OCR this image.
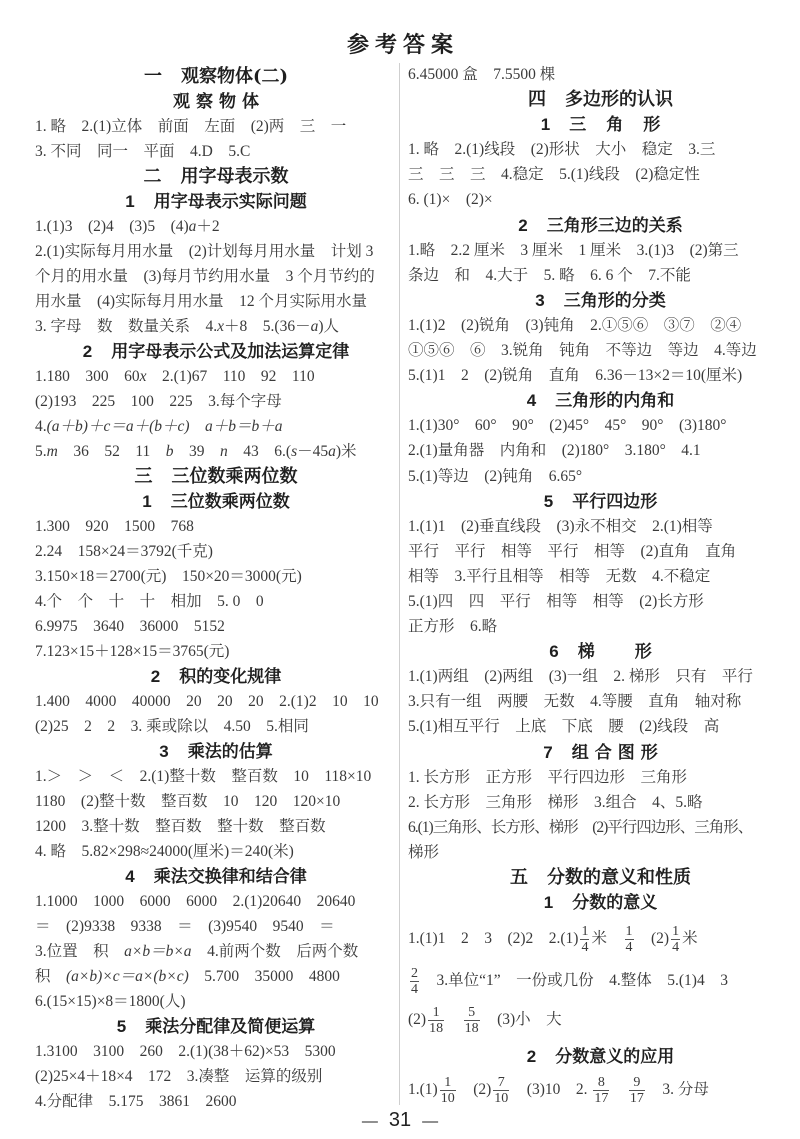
参考答案
一 观察物体(二)
观察物体
1. 略　2.(1)立体　前面　左面　(2)两　三　一
3. 不同　同一　平面　4.D　5.C
二 用字母表示数
1 用字母表示实际问题
1.(1)3　(2)4　(3)5　(4)a＋2
2.(1)实际每月用水量　(2)计划每月用水量　计划 3
个月的用水量　(3)每月节约用水量　3 个月节约的
用水量　(4)实际每月用水量　12 个月实际用水量
3. 字母　数　数量关系　4.x＋8　5.(36－a)人
2 用字母表示公式及加法运算定律
1.180　300　60x　2.(1)67　110　92　110
(2)193　225　100　225　3.每个字母
4.(a＋b)＋c＝a＋(b＋c)　a＋b＝b＋a
5.m　36　52　11　b　39　n　43　6.(s－45a)米
三 三位数乘两位数
1 三位数乘两位数
1.300　920　1500　768
2.24　158×24＝3792(千克)
3.150×18＝2700(元)　150×20＝3000(元)
4.个　个　十　十　相加　5. 0　0
6.9975　3640　36000　5152
7.123×15＋128×15＝3765(元)
2 积的变化规律
1.400　4000　40000　20　20　20　2.(1)2　10　10
(2)25　2　2　3. 乘或除以　4.50　5.相同
3 乘法的估算
1.＞　＞　＜　2.(1)整十数　整百数　10　118×10
1180　(2)整十数　整百数　10　120　120×10
1200　3.整十数　整百数　整十数　整百数
4. 略　5.82×298≈24000(厘米)＝240(米)
4 乘法交换律和结合律
1.1000　1000　6000　6000　2.(1)20640　20640
＝　(2)9338　9338　＝　(3)9540　9540　＝
3.位置　积　a×b＝b×a　4.前两个数　后两个数
积　(a×b)×c＝a×(b×c)　5.700　35000　4800
6.(15×15)×8＝1800(人)
5 乘法分配律及简便运算
1.3100　3100　260　2.(1)(38＋62)×53　5300
(2)25×4＋18×4　172　3.凑整　运算的级别
4.分配律　5.175　3861　2600
6.45000 盒　7.5500 棵
四 多边形的认识
1 三角形
1. 略　2.(1)线段　(2)形状　大小　稳定　3.三
三　三　三　4.稳定　5.(1)线段　(2)稳定性
6. (1)×　(2)×
2 三角形三边的关系
1.略　2.2 厘米　3 厘米　1 厘米　3.(1)3　(2)第三
条边　和　4.大于　5. 略　6. 6 个　7.不能
3 三角形的分类
1.(1)2　(2)锐角　(3)钝角　2.①⑤⑥　③⑦　②④
①⑤⑥　⑥　3.锐角　钝角　不等边　等边　4.等边
5.(1)1　2　(2)锐角　直角　6.36－13×2＝10(厘米)
4 三角形的内角和
1.(1)30°　60°　90°　(2)45°　45°　90°　(3)180°
2.(1)量角器　内角和　(2)180°　3.180°　4.1
5.(1)等边　(2)钝角　6.65°
5 平行四边形
1.(1)1　(2)垂直线段　(3)永不相交　2.(1)相等
平行　平行　相等　平行　相等　(2)直角　直角
相等　3.平行且相等　相等　无数　4.不稳定
5.(1)四　四　平行　相等　相等　(2)长方形
正方形　6.略
6 梯形
1.(1)两组　(2)两组　(3)一组　2. 梯形　只有　平行
3.只有一组　两腰　无数　4.等腰　直角　轴对称
5.(1)相互平行　上底　下底　腰　(2)线段　高
7 组合图形
1. 长方形　正方形　平行四边形　三角形
2. 长方形　三角形　梯形　3.组合　4、5.略
6.(1)三角形、长方形、梯形　(2)平行四边形、三角形、
梯形
五 分数的意义和性质
1 分数的意义
1.(1)1　2　3　(2)2　$2.(1) \frac{1}{4}$ 米　 $\frac{1}{4}$ 　$(2) \frac{1}{4}$ 米
$\frac{2}{4}$ 　3.单位“1”　一份或几份　4.整体　5.(1)4　3
$(2) \frac{1}{18}$
　 $\frac{5}{18}$ 　(3)小　大
2 分数意义的应用
$1.(1) \frac{1}{10}$ 　$(2) \frac{7}{10}$ 　(3)10　2. $\frac{8}{17}$
　 $\frac{9}{17}$ 　3. 分母
— 31 —
